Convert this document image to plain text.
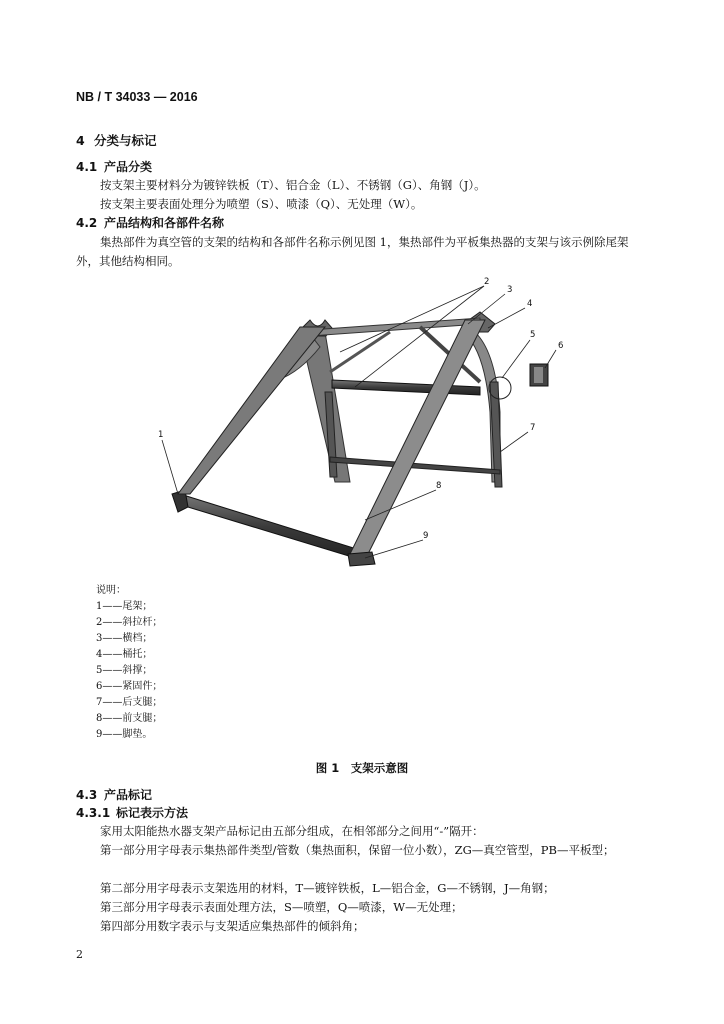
NB / T 34033 — 2016
4 分类与标记
4.1 产品分类
按支架主要材料分为镀锌铁板（T）、铝合金（L）、不锈钢（G）、角钢（J）。
按支架主要表面处理分为喷塑（S）、喷漆（Q）、无处理（W）。
4.2 产品结构和各部件名称
集热部件为真空管的支架的结构和各部件名称示例见图 1，集热部件为平板集热器的支架与该示例除尾架外，其他结构相同。
1
2
3
4
5
6
7
8
9
说明：
1——尾架；
2——斜拉杆；
3——横档；
4——桶托；
5——斜撑；
6——紧固件；
7——后支腿；
8——前支腿；
9——脚垫。
图 1　支架示意图
4.3 产品标记
4.3.1 标记表示方法
家用太阳能热水器支架产品标记由五部分组成，在相邻部分之间用“-”隔开：
第一部分用字母表示集热部件类型/管数（集热面积，保留一位小数），ZG—真空管型，PB—平板型；
第二部分用字母表示支架选用的材料，T—镀锌铁板，L—铝合金，G—不锈钢，J—角钢；
第三部分用字母表示表面处理方法，S—喷塑，Q—喷漆，W—无处理；
第四部分用数字表示与支架适应集热部件的倾斜角；
2
